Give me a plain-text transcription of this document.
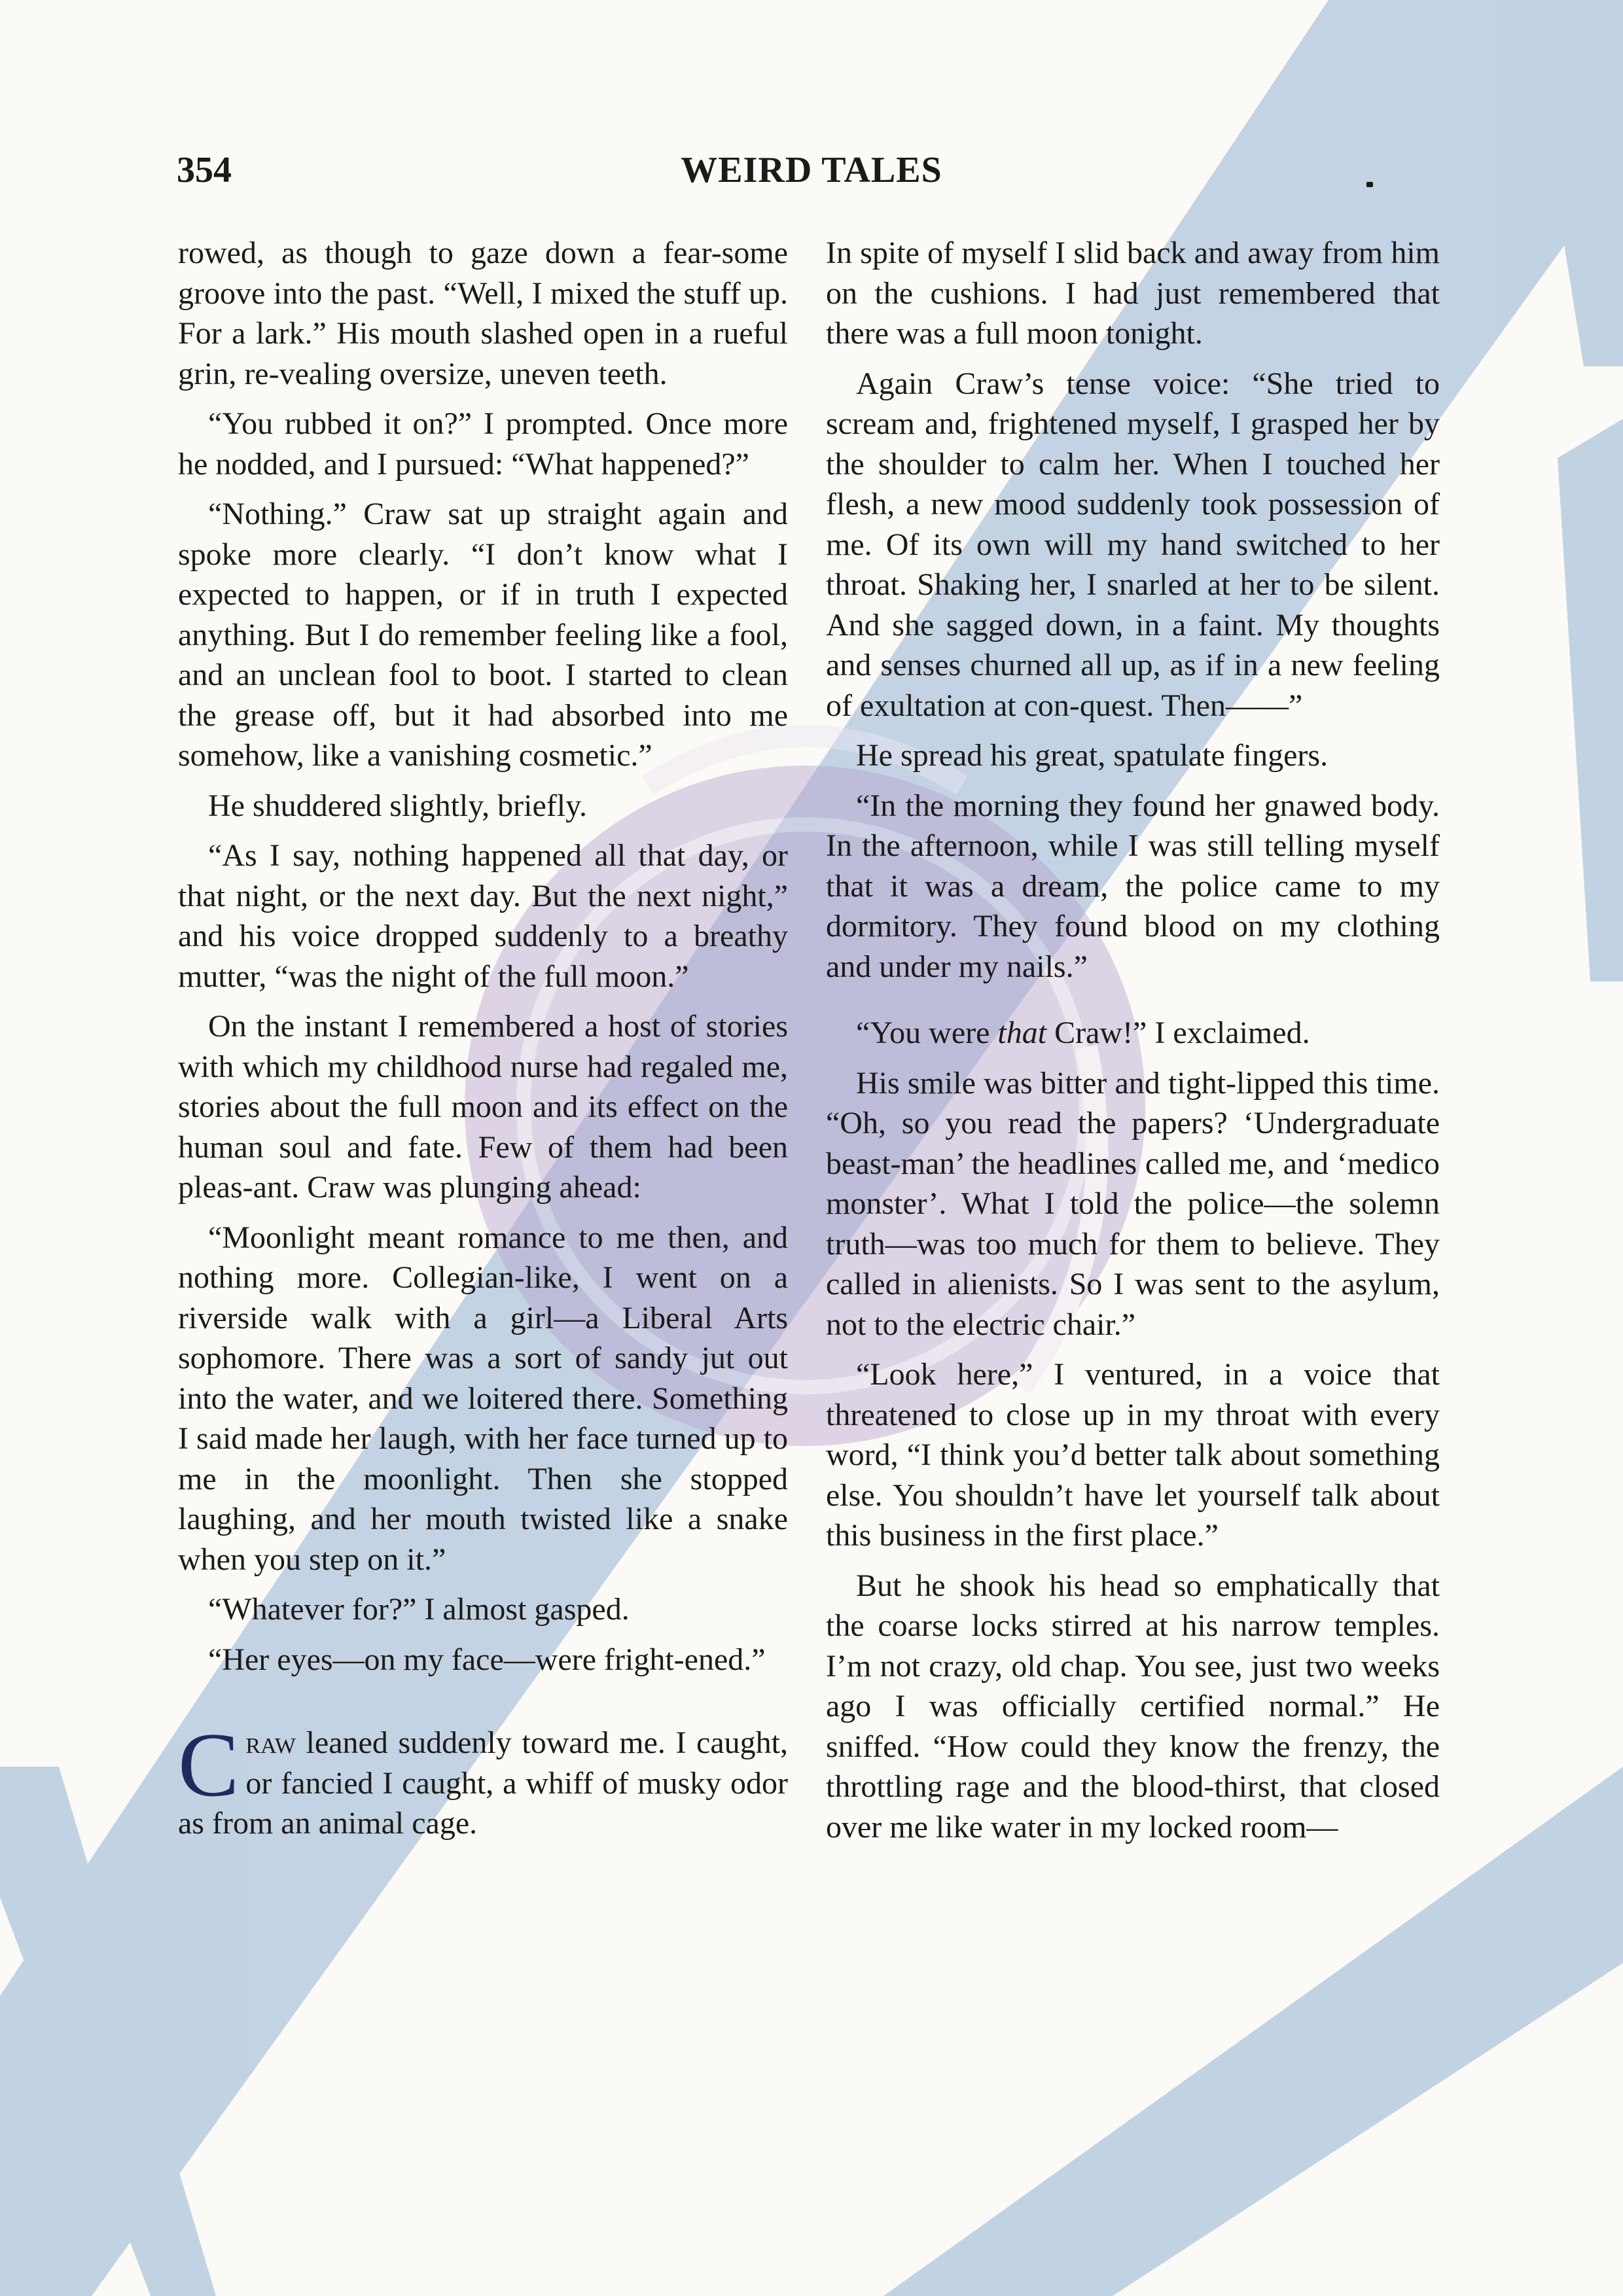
354	WEIRD TALES

rowed, as though to gaze down a fear-some groove into the past. “Well, I mixed the stuff up. For a lark.” His mouth slashed open in a rueful grin, re-vealing oversize, uneven teeth.

“You rubbed it on?” I prompted. Once more he nodded, and I pursued: “What happened?”

“Nothing.” Craw sat up straight again and spoke more clearly. “I don’t know what I expected to happen, or if in truth I expected anything. But I do remember feeling like a fool, and an unclean fool to boot. I started to clean the grease off, but it had absorbed into me somehow, like a vanishing cosmetic.”

He shuddered slightly, briefly.

“As I say, nothing happened all that day, or that night, or the next day. But the next night,” and his voice dropped suddenly to a breathy mutter, “was the night of the full moon.”

On the instant I remembered a host of stories with which my childhood nurse had regaled me, stories about the full moon and its effect on the human soul and fate. Few of them had been pleas-ant. Craw was plunging ahead:

“Moonlight meant romance to me then, and nothing more. Collegian-like, I went on a riverside walk with a girl—a Liberal Arts sophomore. There was a sort of sandy jut out into the water, and we loitered there. Something I said made her laugh, with her face turned up to me in the moonlight. Then she stopped laughing, and her mouth twisted like a snake when you step on it.”

“Whatever for?” I almost gasped.

“Her eyes—on my face—were fright-ened.”

Craw leaned suddenly toward me. I caught, or fancied I caught, a whiff of musky odor as from an animal cage.

In spite of myself I slid back and away from him on the cushions. I had just remembered that there was a full moon tonight.

Again Craw’s tense voice: “She tried to scream and, frightened myself, I grasped her by the shoulder to calm her. When I touched her flesh, a new mood suddenly took possession of me. Of its own will my hand switched to her throat. Shaking her, I snarled at her to be silent. And she sagged down, in a faint. My thoughts and senses churned all up, as if in a new feeling of exultation at con-quest. Then——”

He spread his great, spatulate fingers.

“In the morning they found her gnawed body. In the afternoon, while I was still telling myself that it was a dream, the police came to my dormitory. They found blood on my clothing and under my nails.”

“You were that Craw!” I exclaimed.

His smile was bitter and tight-lipped this time. “Oh, so you read the papers? ‘Undergraduate beast-man’ the headlines called me, and ‘medico monster’. What I told the police—the solemn truth—was too much for them to believe. They called in alienists. So I was sent to the asylum, not to the electric chair.”

“Look here,” I ventured, in a voice that threatened to close up in my throat with every word, “I think you’d better talk about something else. You shouldn’t have let yourself talk about this business in the first place.”

But he shook his head so emphatically that the coarse locks stirred at his narrow temples. I’m not crazy, old chap. You see, just two weeks ago I was officially certified normal.” He sniffed. “How could they know the frenzy, the throttling rage and the blood-thirst, that closed over me like water in my locked room—
